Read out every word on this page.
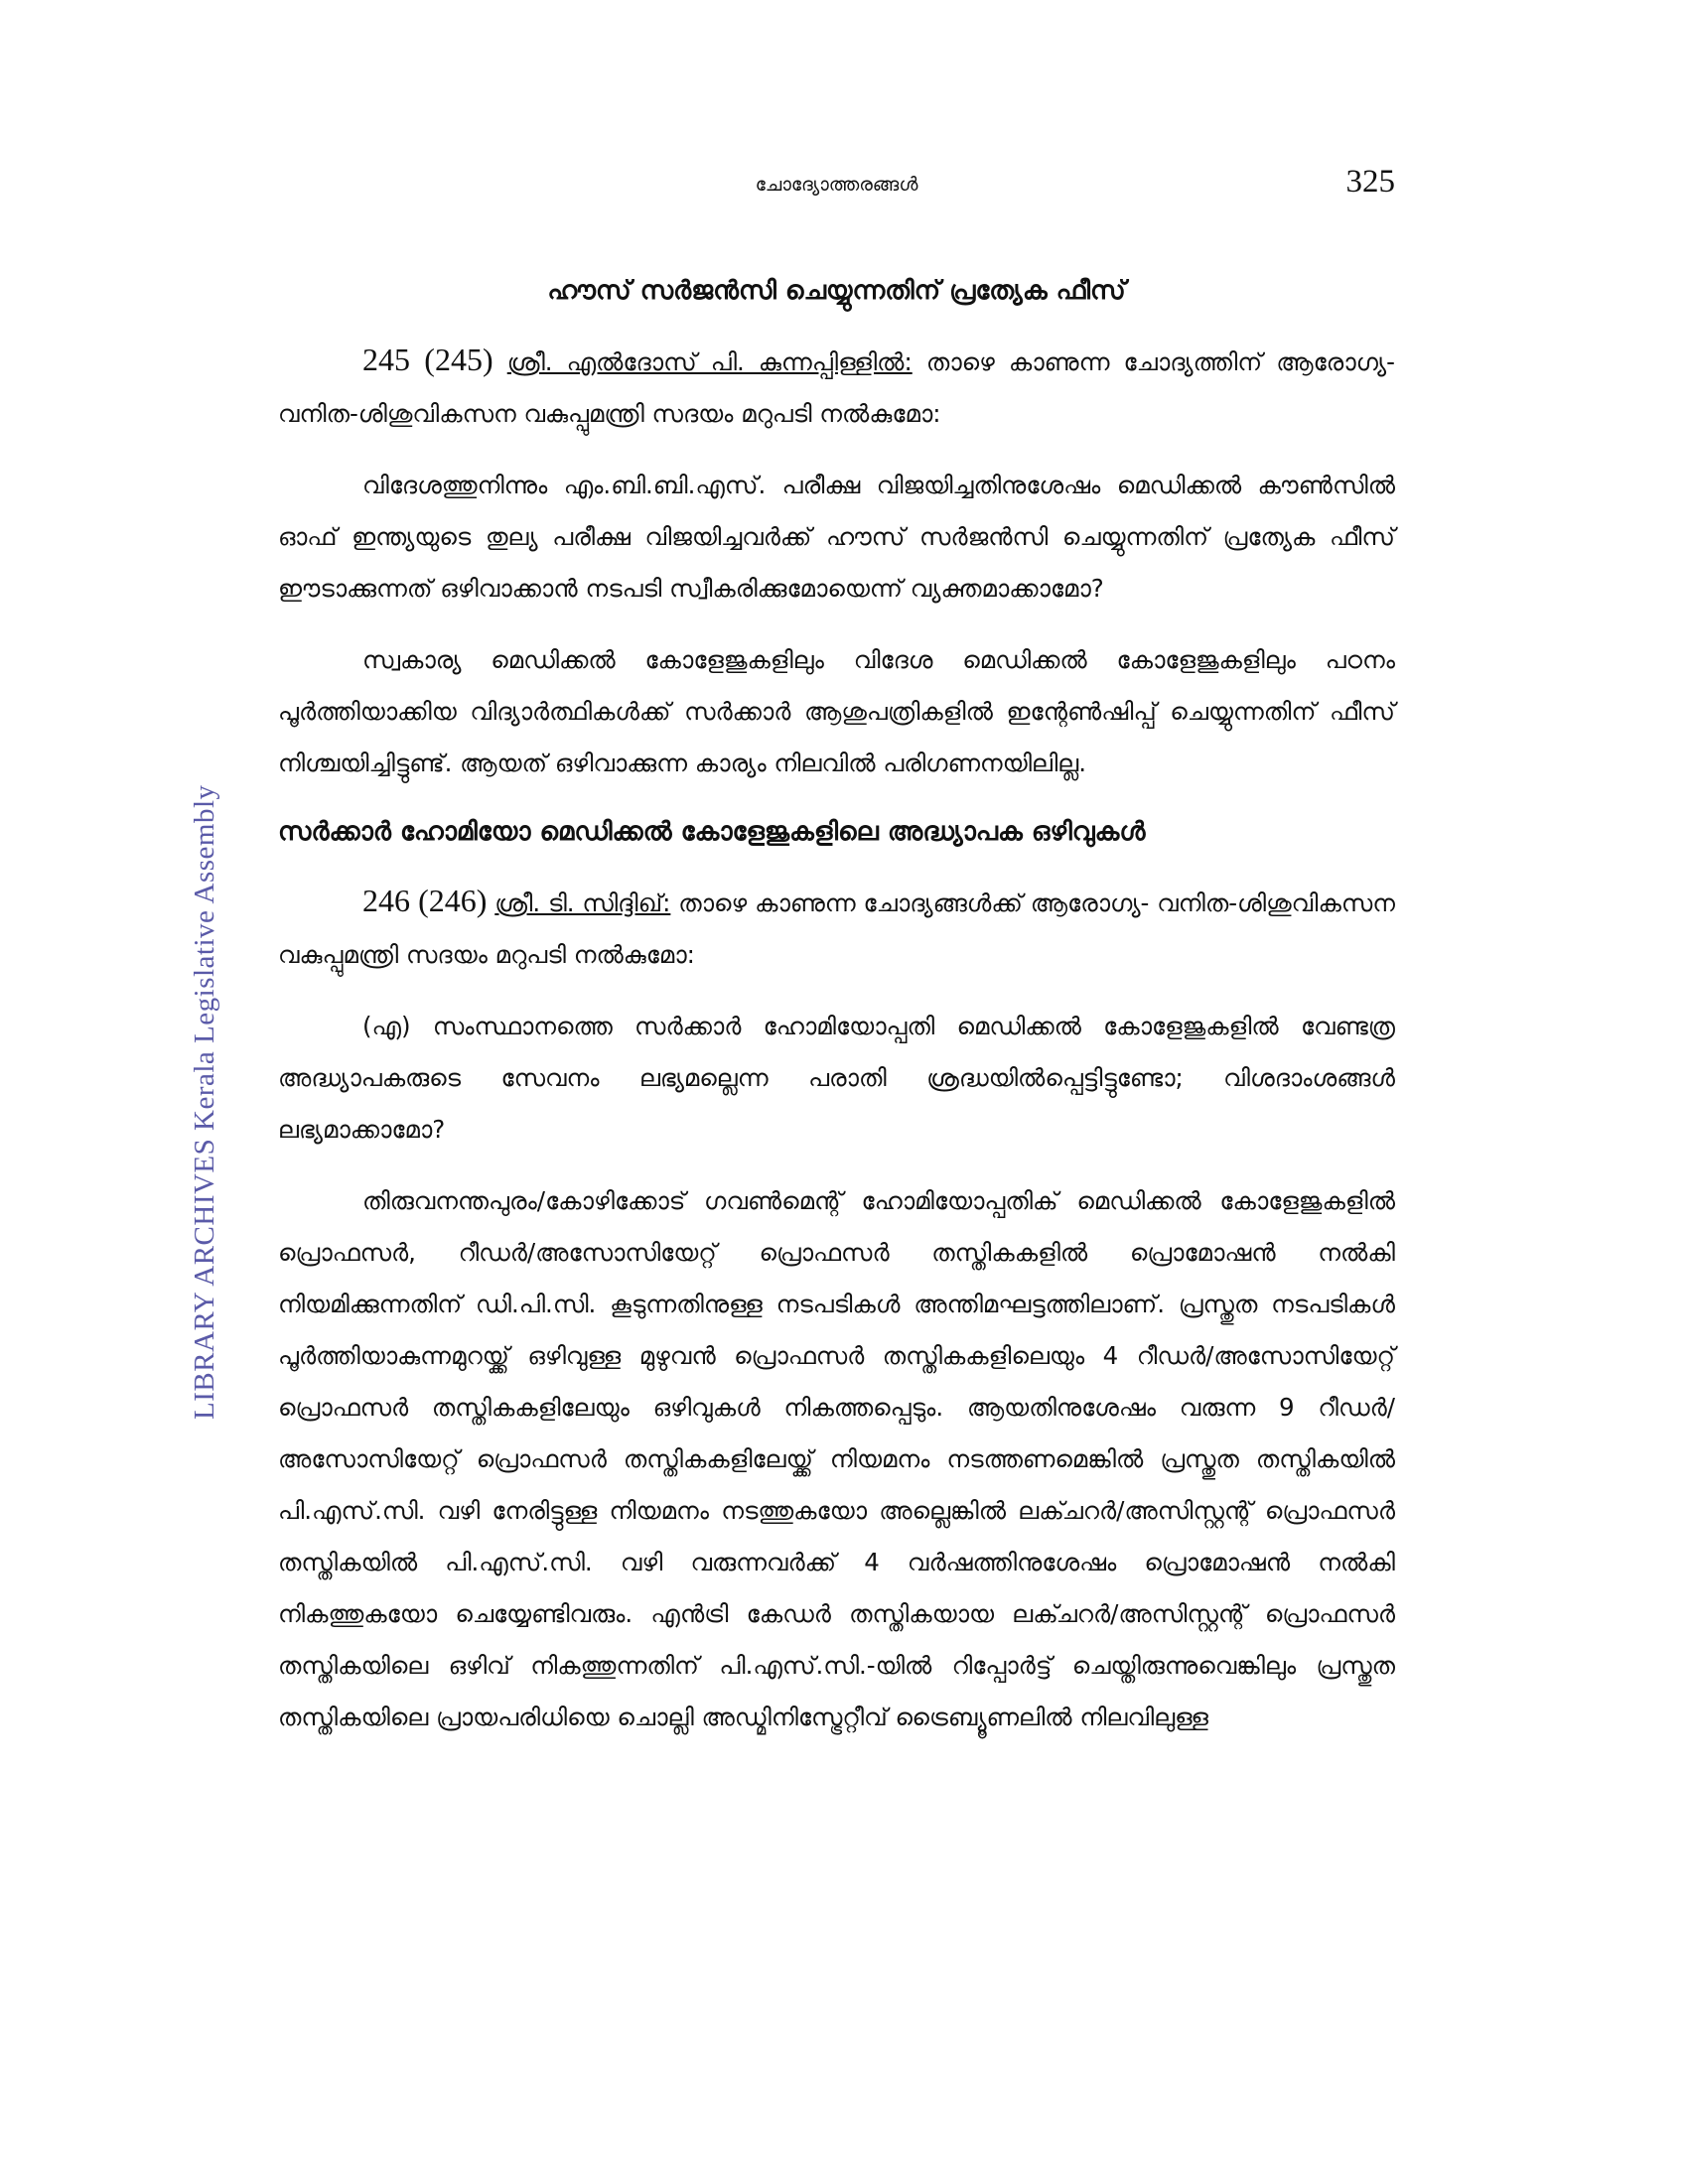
LIBRARY ARCHIVES Kerala Legislative Assembly
ചോദ്യോത്തരങ്ങൾ	325
ഹൗസ് സർജൻസി ചെയ്യുന്നതിന് പ്രത്യേക ഫീസ്

245 (245) ശ്രീ. എൽദോസ് പി. കുന്നപ്പിള്ളിൽ: താഴെ കാണുന്ന ചോദ്യത്തിന് ആരോഗ്യ- വനിത-ശിശുവികസന വകുപ്പുമന്ത്രി സദയം മറുപടി നൽകുമോ:

വിദേശത്തുനിന്നും എം.ബി.ബി.എസ്. പരീക്ഷ വിജയിച്ചതിനുശേഷം മെഡിക്കൽ കൗൺസിൽ ഓഫ് ഇന്ത്യയുടെ തുല്യ പരീക്ഷ വിജയിച്ചവർക്ക് ഹൗസ് സർജൻസി ചെയ്യുന്നതിന് പ്രത്യേക ഫീസ് ഈടാക്കുന്നത് ഒഴിവാക്കാൻ നടപടി സ്വീകരിക്കുമോയെന്ന് വ്യക്തമാക്കാമോ?

സ്വകാര്യ മെഡിക്കൽ കോളേജുകളിലും വിദേശ മെഡിക്കൽ കോളേജുകളിലും പഠനം പൂർത്തിയാക്കിയ വിദ്യാർത്ഥികൾക്ക് സർക്കാർ ആശുപത്രികളിൽ ഇന്റേൺഷിപ്പ് ചെയ്യുന്നതിന് ഫീസ് നിശ്ചയിച്ചിട്ടുണ്ട്. ആയത് ഒഴിവാക്കുന്ന കാര്യം നിലവിൽ പരിഗണനയിലില്ല.

സർക്കാർ ഹോമിയോ മെഡിക്കൽ കോളേജുകളിലെ അദ്ധ്യാപക ഒഴിവുകൾ

246 (246) ശ്രീ. ടി. സിദ്ദിഖ്: താഴെ കാണുന്ന ചോദ്യങ്ങൾക്ക് ആരോഗ്യ- വനിത-ശിശുവികസന വകുപ്പുമന്ത്രി സദയം മറുപടി നൽകുമോ:

(എ) സംസ്ഥാനത്തെ സർക്കാർ ഹോമിയോപ്പതി മെഡിക്കൽ കോളേജുകളിൽ വേണ്ടത്ര അദ്ധ്യാപകരുടെ സേവനം ലഭ്യമല്ലെന്ന പരാതി ശ്രദ്ധയിൽപ്പെട്ടിട്ടുണ്ടോ; വിശദാംശങ്ങൾ ലഭ്യമാക്കാമോ?

തിരുവനന്തപുരം/കോഴിക്കോട് ഗവൺമെന്റ് ഹോമിയോപ്പതിക് മെഡിക്കൽ കോളേജുകളിൽ പ്രൊഫസർ, റീഡർ/അസോസിയേറ്റ് പ്രൊഫസർ തസ്തികകളിൽ പ്രൊമോഷൻ നൽകി നിയമിക്കുന്നതിന് ഡി.പി.സി. കൂടുന്നതിനുള്ള നടപടികൾ അന്തിമഘട്ടത്തിലാണ്. പ്രസ്തുത നടപടികൾ പൂർത്തിയാകുന്നമുറയ്ക്ക് ഒഴിവുള്ള മുഴുവൻ പ്രൊഫസർ തസ്തികകളിലെയും 4 റീഡർ/അസോസിയേറ്റ് പ്രൊഫസർ തസ്തികകളിലേയും ഒഴിവുകൾ നികത്തപ്പെടും. ആയതിനുശേഷം വരുന്ന 9 റീഡർ/അസോസിയേറ്റ് പ്രൊഫസർ തസ്തികകളിലേയ്ക്ക് നിയമനം നടത്തണമെങ്കിൽ പ്രസ്തുത തസ്തികയിൽ പി.എസ്.സി. വഴി നേരിട്ടുള്ള നിയമനം നടത്തുകയോ അല്ലെങ്കിൽ ലക്ചറർ/അസിസ്റ്റന്റ് പ്രൊഫസർ തസ്തികയിൽ പി.എസ്.സി. വഴി വരുന്നവർക്ക് 4 വർഷത്തിനുശേഷം പ്രൊമോഷൻ നൽകി നികത്തുകയോ ചെയ്യേണ്ടിവരും. എൻട്രി കേഡർ തസ്തികയായ ലക്ചറർ/അസിസ്റ്റന്റ് പ്രൊഫസർ തസ്തികയിലെ ഒഴിവ് നികത്തുന്നതിന് പി.എസ്.സി.-യിൽ റിപ്പോർട്ട് ചെയ്തിരുന്നുവെങ്കിലും പ്രസ്തുത തസ്തികയിലെ പ്രായപരിധിയെ ചൊല്ലി അഡ്മിനിസ്ട്രേറ്റീവ് ട്രൈബ്യൂണലിൽ നിലവിലുള്ള
